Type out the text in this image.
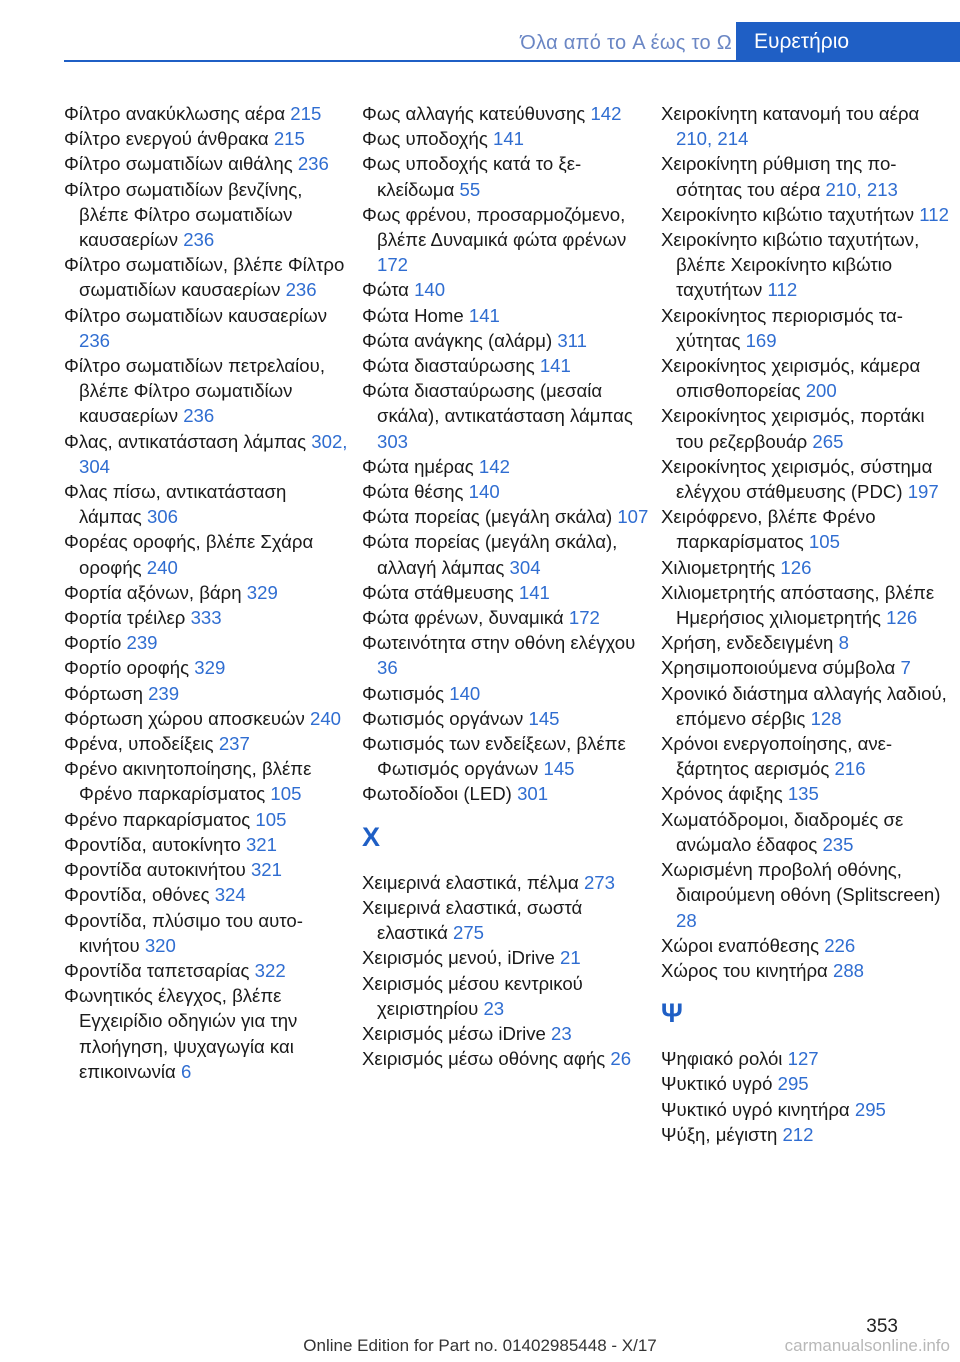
Όλα από το A έως το Ω	Ευρετήριο

Φίλτρο ανακύκλωσης αέρα 215

Φίλτρο ενεργού άνθρακα 215

Φίλτρο σωματιδίων αιθάλης 236

Φίλτρο σωματιδίων βενζίνης, βλέπε Φίλτρο σωματιδίων καυσαερίων 236

Φίλτρο σωματιδίων, βλέπε Φίλτρο σωματιδίων καυσαερίων 236

Φίλτρο σωματιδίων καυσαερίων 236

Φίλτρο σωματιδίων πετρελαίου, βλέπε Φίλτρο σωματιδίων καυσαερίων 236

Φλας, αντικατάσταση λάμπας 302, 304

Φλας πίσω, αντικατάσταση λάμπας 306

Φορέας οροφής, βλέπε Σχάρα οροφής 240

Φορτία αξόνων, βάρη 329

Φορτία τρέιλερ 333

Φορτίο 239

Φορτίο οροφής 329

Φόρτωση 239

Φόρτωση χώρου αποσκευών 240

Φρένα, υποδείξεις 237

Φρένο ακινητοποίησης, βλέπε Φρένο παρκαρίσματος 105

Φρένο παρκαρίσματος 105

Φροντίδα, αυτοκίνητο 321

Φροντίδα αυτοκινήτου 321

Φροντίδα, οθόνες 324

Φροντίδα, πλύσιμο του αυτοκινήτου 320

Φροντίδα ταπετσαρίας 322

Φωνητικός έλεγχος, βλέπε Εγχειρίδιο οδηγιών για την πλοήγηση, ψυχαγωγία και επικοινωνία 6

Φως αλλαγής κατεύθυνσης 142

Φως υποδοχής 141

Φως υποδοχής κατά το ξεκλείδωμα 55

Φως φρένου, προσαρμοζόμενο, βλέπε Δυναμικά φώτα φρένων 172

Φώτα 140

Φώτα Home 141

Φώτα ανάγκης (αλάρμ) 311

Φώτα διασταύρωσης 141

Φώτα διασταύρωσης (μεσαία σκάλα), αντικατάσταση λάμπας 303

Φώτα ημέρας 142

Φώτα θέσης 140

Φώτα πορείας (μεγάλη σκάλα) 107

Φώτα πορείας (μεγάλη σκάλα), αλλαγή λάμπας 304

Φώτα στάθμευσης 141

Φώτα φρένων, δυναμικά 172

Φωτεινότητα στην οθόνη ελέγχου 36

Φωτισμός 140

Φωτισμός οργάνων 145

Φωτισμός των ενδείξεων, βλέπε Φωτισμός οργάνων 145

Φωτοδίοδοι (LED) 301

X

Χειμερινά ελαστικά, πέλμα 273

Χειμερινά ελαστικά, σωστά ελαστικά 275

Χειρισμός μενού, iDrive 21

Χειρισμός μέσου κεντρικού χειριστηρίου 23

Χειρισμός μέσω iDrive 23

Χειρισμός μέσω οθόνης αφής 26

Χειροκίνητη κατανομή του αέρα 210, 214

Χειροκίνητη ρύθμιση της ποσότητας του αέρα 210, 213

Χειροκίνητο κιβώτιο ταχυτήτων 112

Χειροκίνητο κιβώτιο ταχυτήτων, βλέπε Χειροκίνητο κιβώτιο ταχυτήτων 112

Χειροκίνητος περιορισμός ταχύτητας 169

Χειροκίνητος χειρισμός, κάμερα οπισθοπορείας 200

Χειροκίνητος χειρισμός, πορτάκι του ρεζερβουάρ 265

Χειροκίνητος χειρισμός, σύστημα ελέγχου στάθμευσης (PDC) 197

Χειρόφρενο, βλέπε Φρένο παρκαρίσματος 105

Χιλιομετρητής 126

Χιλιομετρητής απόστασης, βλέπε Ημερήσιος χιλιομετρητής 126

Χρήση, ενδεδειγμένη 8

Χρησιμοποιούμενα σύμβολα 7

Χρονικό διάστημα αλλαγής λαδιού, επόμενο σέρβις 128

Χρόνοι ενεργοποίησης, ανεξάρτητος αερισμός 216

Χρόνος άφιξης 135

Χωματόδρομοι, διαδρομές σε ανώμαλο έδαφος 235

Χωρισμένη προβολή οθόνης, διαιρούμενη οθόνη (Splitscreen) 28

Χώροι εναπόθεσης 226

Χώρος του κινητήρα 288

Ψ

Ψηφιακό ρολόι 127

Ψυκτικό υγρό 295

Ψυκτικό υγρό κινητήρα 295

Ψύξη, μέγιστη 212

353
Online Edition for Part no. 01402985448 - X/17	carmanualsonline.info
